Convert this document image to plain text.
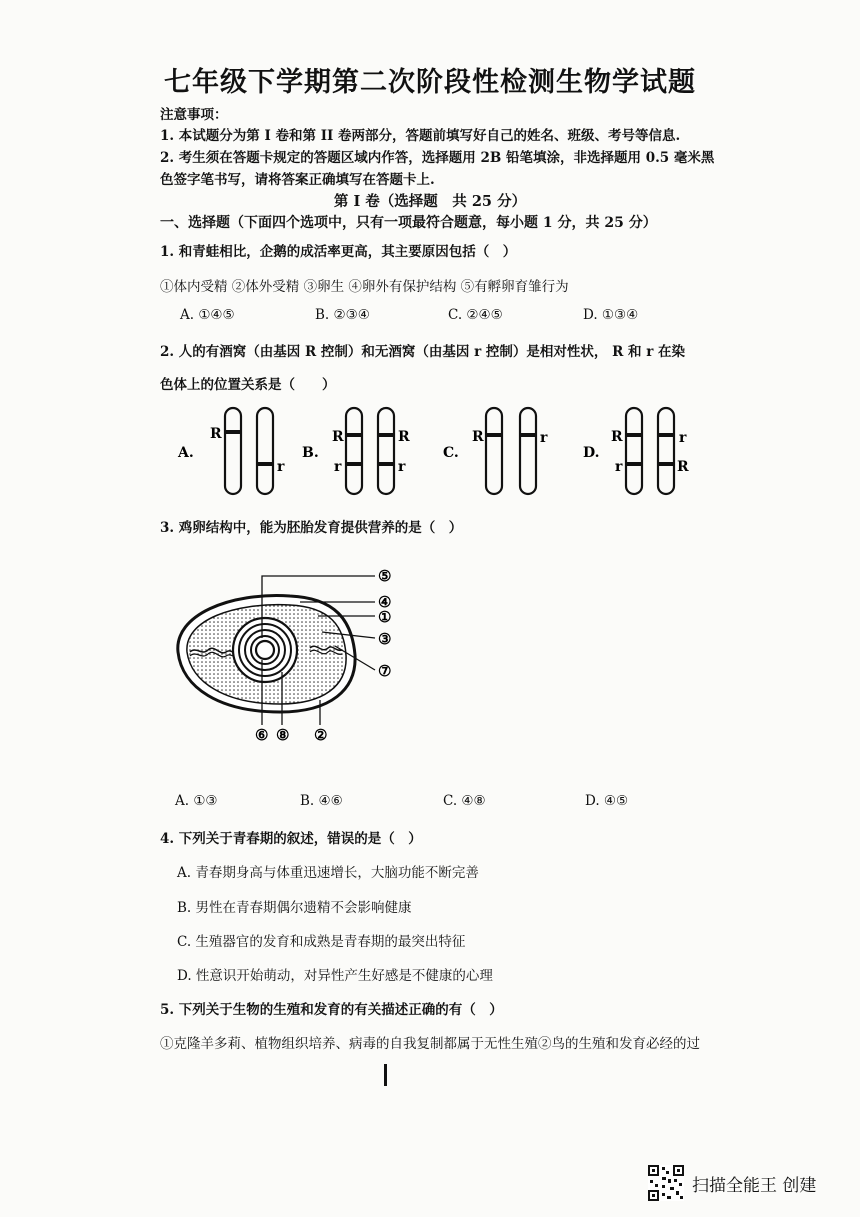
七年级下学期第二次阶段性检测生物学试题
注意事项：
1. 本试题分为第 I 卷和第 II 卷两部分，答题前填写好自己的姓名、班级、考号等信息.
2. 考生须在答题卡规定的答题区域内作答，选择题用 2B 铅笔填涂，非选择题用 0.5 毫米黑
色签字笔书写，请将答案正确填写在答题卡上.
第 I 卷（选择题　共 25 分）
一、选择题（下面四个选项中，只有一项最符合题意，每小题 1 分，共 25 分）
1. 和青蛙相比，企鹅的成活率更高，其主要原因包括（　）
①体内受精 ②体外受精 ③卵生 ④卵外有保护结构 ⑤有孵卵育雏行为
A. ①④⑤	B. ②③④	C. ②④⑤	D. ①③④
2. 人的有酒窝（由基因 R 控制）和无酒窝（由基因 r 控制）是相对性状， R 和 r 在染
色体上的位置关系是（　　）
A.
R
r
B.
R
r
R
r
C.
R	r
D.
R
r
r
R
3. 鸡卵结构中，能为胚胎发育提供营养的是（　）
⑤
④
①
③
⑦
⑥ ⑧ ②
A. ①③	B. ④⑥	C. ④⑧	D. ④⑤
4. 下列关于青春期的叙述，错误的是（　）
A. 青春期身高与体重迅速增长，大脑功能不断完善
B. 男性在青春期偶尔遗精不会影响健康
C. 生殖器官的发育和成熟是青春期的最突出特征
D. 性意识开始萌动，对异性产生好感是不健康的心理
5. 下列关于生物的生殖和发育的有关描述正确的有（　）
①克隆羊多莉、植物组织培养、病毒的自我复制都属于无性生殖②鸟的生殖和发育必经的过
扫描全能王 创建
